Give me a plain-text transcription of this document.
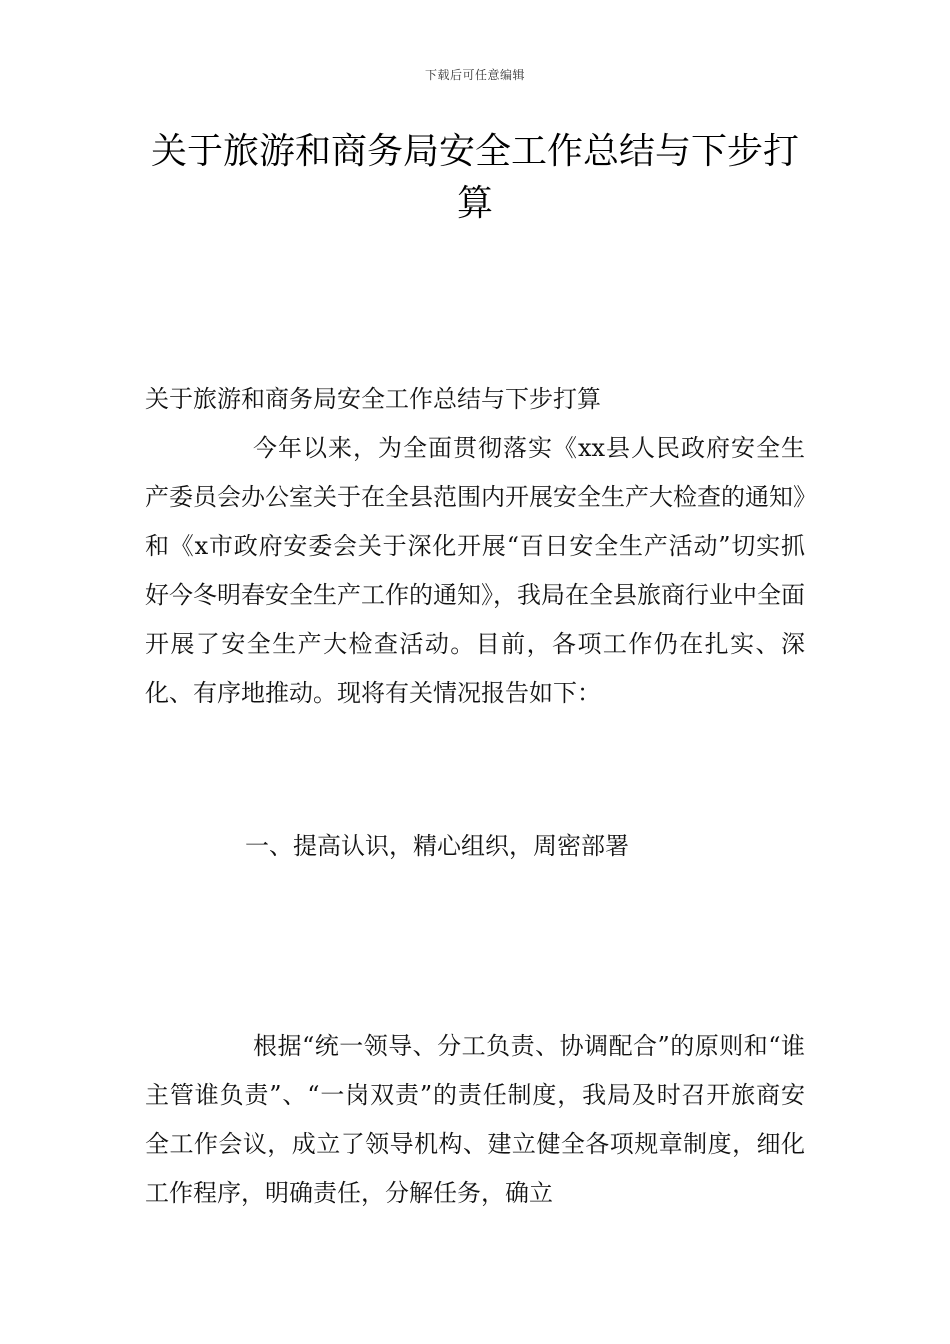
下载后可任意编辑
关于旅游和商务局安全工作总结与下步打算
关于旅游和商务局安全工作总结与下步打算
今年以来，为全面贯彻落实《xx县人民政府安全生产委员会办公室关于在全县范围内开展安全生产大检查的通知》和《x市政府安委会关于深化开展“百日安全生产活动”切实抓好今冬明春安全生产工作的通知》，我局在全县旅商行业中全面开展了安全生产大检查活动。目前，各项工作仍在扎实、深化、有序地推动。现将有关情况报告如下：
一、提高认识，精心组织，周密部署
根据“统一领导、分工负责、协调配合”的原则和“谁主管谁负责”、“一岗双责”的责任制度，我局及时召开旅商安全工作会议，成立了领导机构、建立健全各项规章制度，细化工作程序，明确责任，分解任务，确立
